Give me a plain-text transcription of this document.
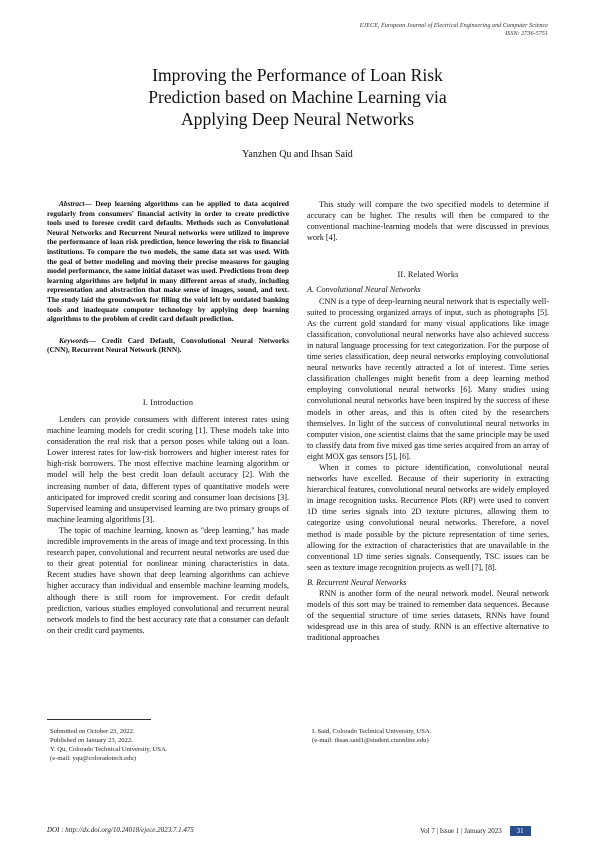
EJECE, European Journal of Electrical Engineering and Computer Science
ISSN: 2736-5751
Improving the Performance of Loan Risk
Prediction based on Machine Learning via
Applying Deep Neural Networks
Yanzhen Qu and Ihsan Said

Abstract— Deep learning algorithms can be applied to data acquired regularly from consumers' financial activity in order to create predictive tools used to foresee credit card defaults. Methods such as Convolutional Neural Networks and Recurrent Neural networks were utilized to improve the performance of loan risk prediction, hence lowering the risk to financial institutions. To compare the two models, the same data set was used. With the goal of better modeling and moving their precise measures for gauging model performance, the same initial dataset was used. Predictions from deep learning algorithms are helpful in many different areas of study, including representation and abstraction that make sense of images, sound, and text. The study laid the groundwork for filling the void left by outdated banking tools and inadequate computer technology by applying deep learning algorithms to the problem of credit card default prediction.

Keywords— Credit Card Default, Convolutional Neural Networks (CNN), Recurrent Neural Network (RNN).

I. Introduction

Lenders can provide consumers with different interest rates using machine learning models for credit scoring [1]. These models take into consideration the real risk that a person poses while taking out a loan. Lower interest rates for low-risk borrowers and higher interest rates for high-risk borrowers. The most effective machine learning algorithm or model will help the best credit loan default accuracy [2]. With the increasing number of data, different types of quantitative models were anticipated for improved credit scoring and consumer loan decisions [3]. Supervised learning and unsupervised learning are two primary groups of machine learning algorithms [3].

The topic of machine learning, known as "deep learning," has made incredible improvements in the areas of image and text processing. In this research paper, convolutional and recurrent neural networks are used due to their great potential for nonlinear mining characteristics in data. Recent studies have shown that deep learning algorithms can achieve higher accuracy than individual and ensemble machine learning models, although there is still room for improvement. For credit default prediction, various studies employed convolutional and recurrent neural network models to find the best accuracy rate that a consumer can default on their credit card payments.

This study will compare the two specified models to determine if accuracy can be higher. The results will then be compared to the conventional machine-learning models that were discussed in previous work [4].

II. Related Works

A. Convolutional Neural Networks

CNN is a type of deep-learning neural network that is especially well-suited to processing organized arrays of input, such as photographs [5]. As the current gold standard for many visual applications like image classification, convolutional neural networks have also achieved success in natural language processing for text categorization. For the purpose of time series classification, deep neural networks employing convolutional neural networks have recently attracted a lot of interest. Time series classification challenges might benefit from a deep learning method employing convolutional neural networks [6]. Many studies using convolutional neural networks have been inspired by the success of these models in other areas, and this is often cited by the researchers themselves. In light of the success of convolutional neural networks in computer vision, one scientist claims that the same principle may be used to classify data from five mixed gas time series acquired from an array of eight MOX gas sensors [5], [6].

When it comes to picture identification, convolutional neural networks have excelled. Because of their superiority in extracting hierarchical features, convolutional neural networks are widely employed in image recognition tasks. Recurrence Plots (RP) were used to convert 1D time series signals into 2D texture pictures, allowing them to categorize using convolutional neural networks. Therefore, a novel method is made possible by the picture representation of time series, allowing for the extraction of characteristics that are unavailable in the conventional 1D time series signals. Consequently, TSC issues can be seen as texture image recognition projects as well [7], [8].

B. Recurrent Neural Networks

RNN is another form of the neural network model. Neural network models of this sort may be trained to remember data sequences. Because of the sequential structure of time series datasets, RNNs have found widespread use in this area of study. RNN is an effective alternative to traditional approaches

Submitted on October 23, 2022.
Published on January 23, 2022.
Y. Qu, Colorado Technical University, USA.
(e-mail: yqu@coloradotech.edu)
I. Said, Colorado Technical University, USA.
(e-mail: ihsan.said1@student.ctuonline.edu)
DOI : http://dx.doi.org/10.24018/ejece.2023.7.1.475	Vol 7 | Issue 1 | January 2023 31
